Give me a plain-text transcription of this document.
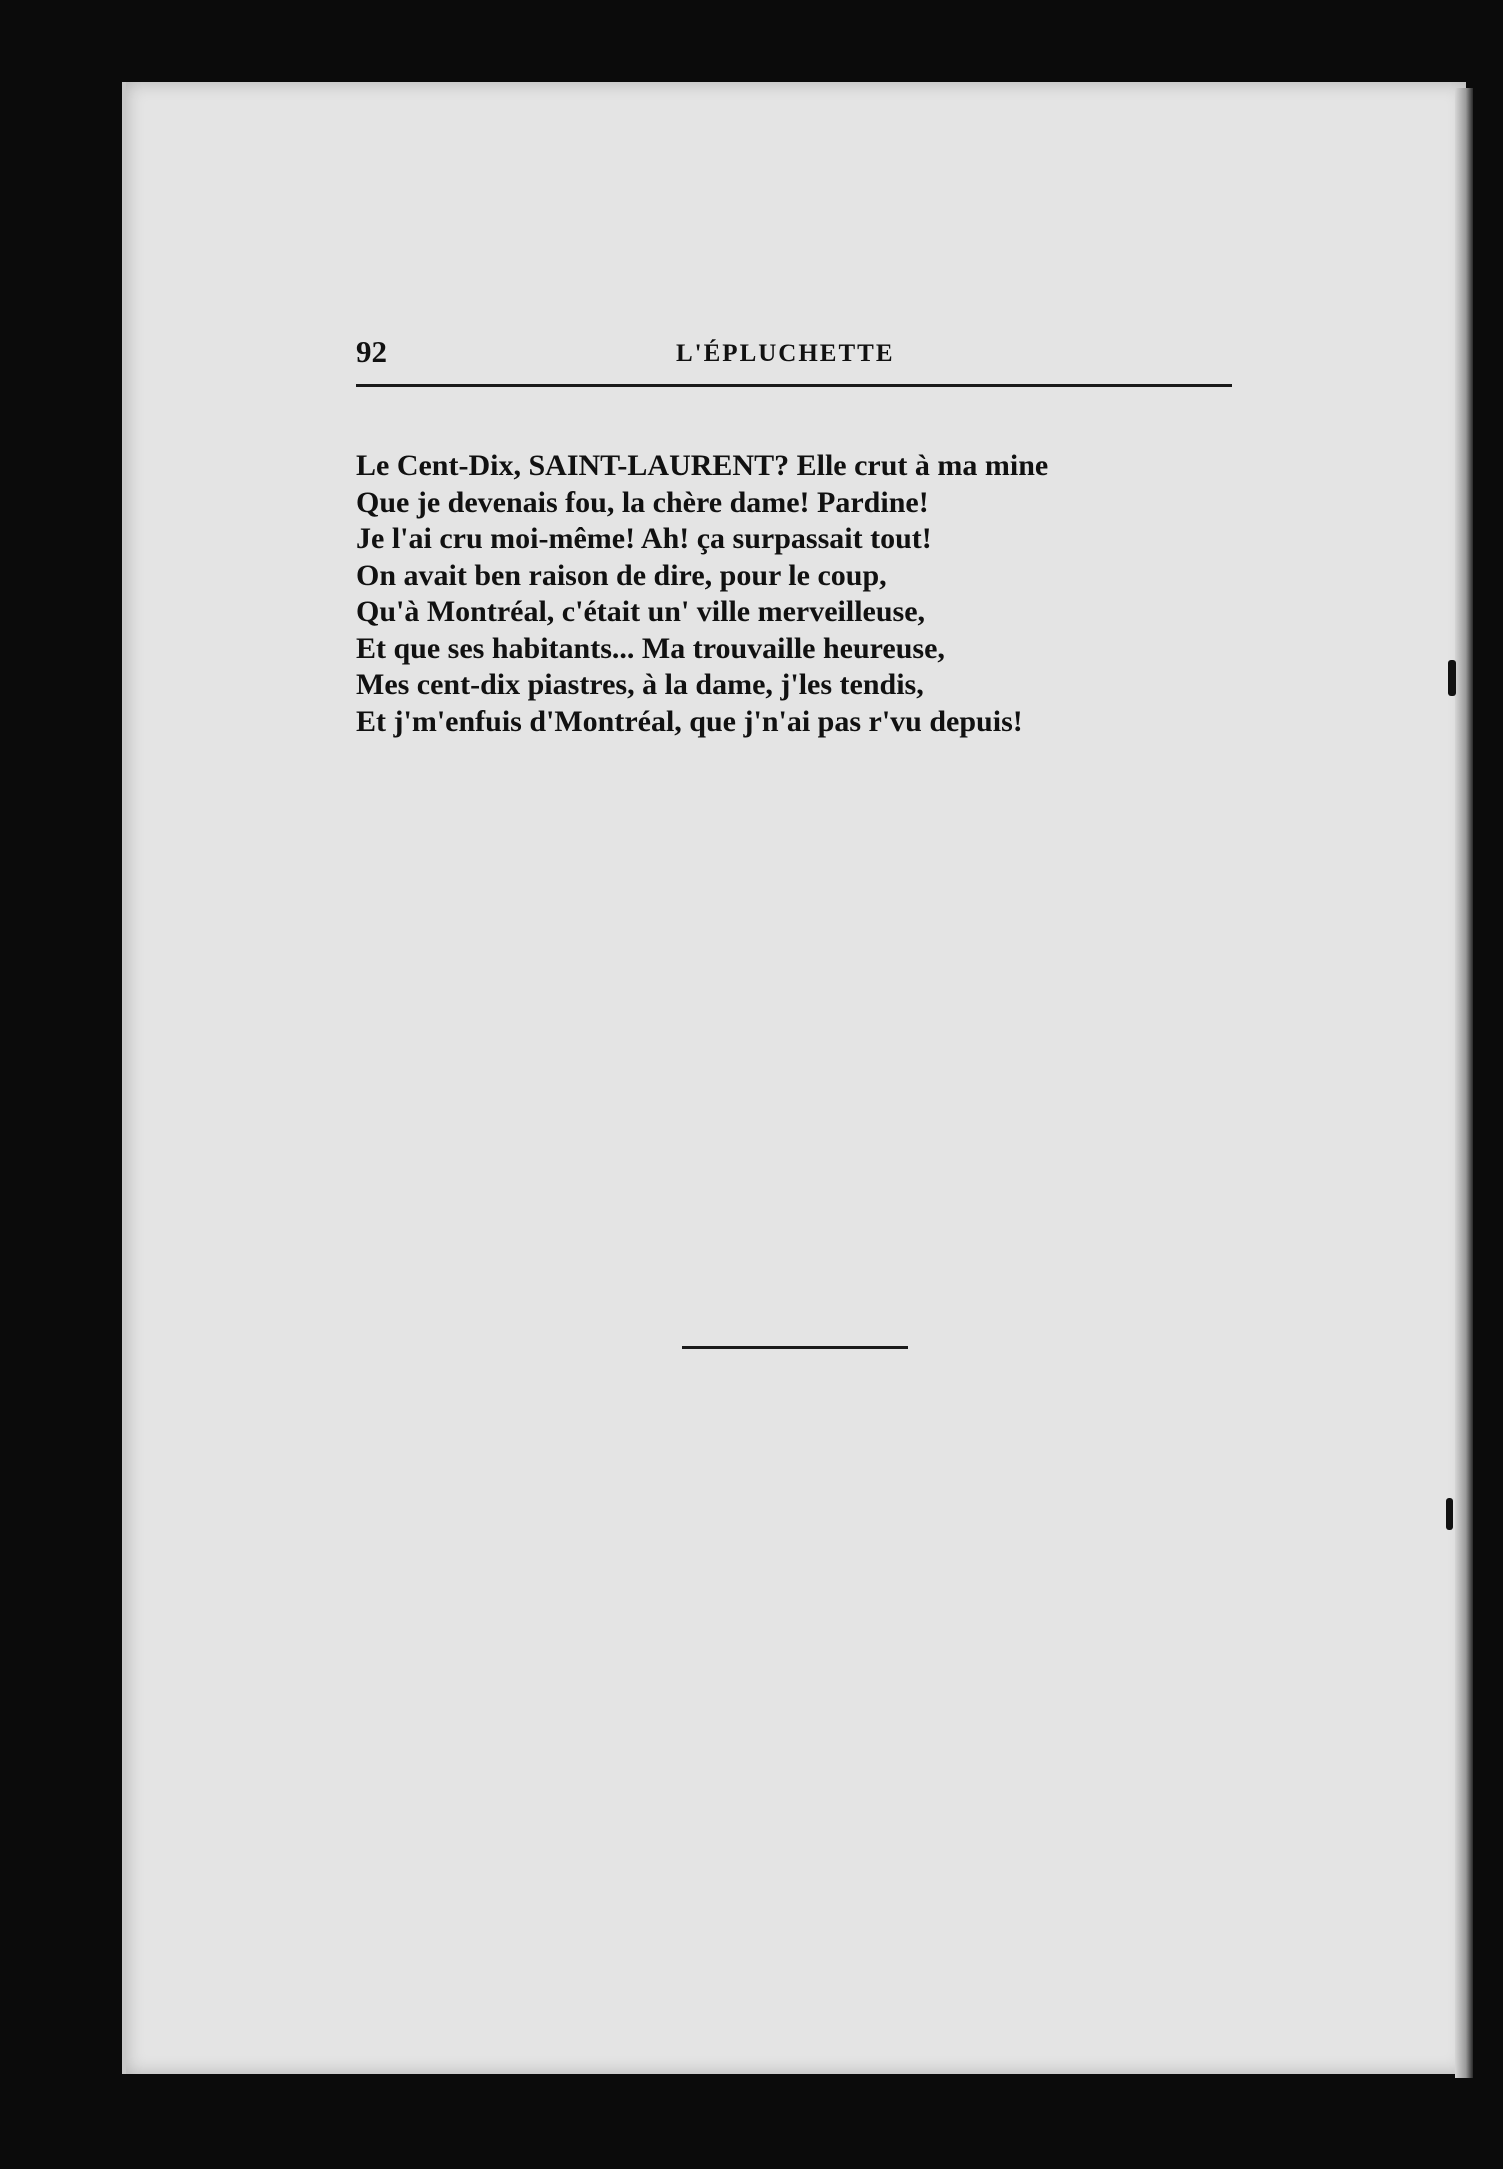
92	L'ÉPLUCHETTE
Le Cent-Dix, SAINT-LAURENT? Elle crut à ma mine
Que je devenais fou, la chère dame! Pardine!
Je l'ai cru moi-même! Ah! ça surpassait tout!
On avait ben raison de dire, pour le coup,
Qu'à Montréal, c'était un' ville merveilleuse,
Et que ses habitants... Ma trouvaille heureuse,
Mes cent-dix piastres, à la dame, j'les tendis,
Et j'm'enfuis d'Montréal, que j'n'ai pas r'vu depuis!
